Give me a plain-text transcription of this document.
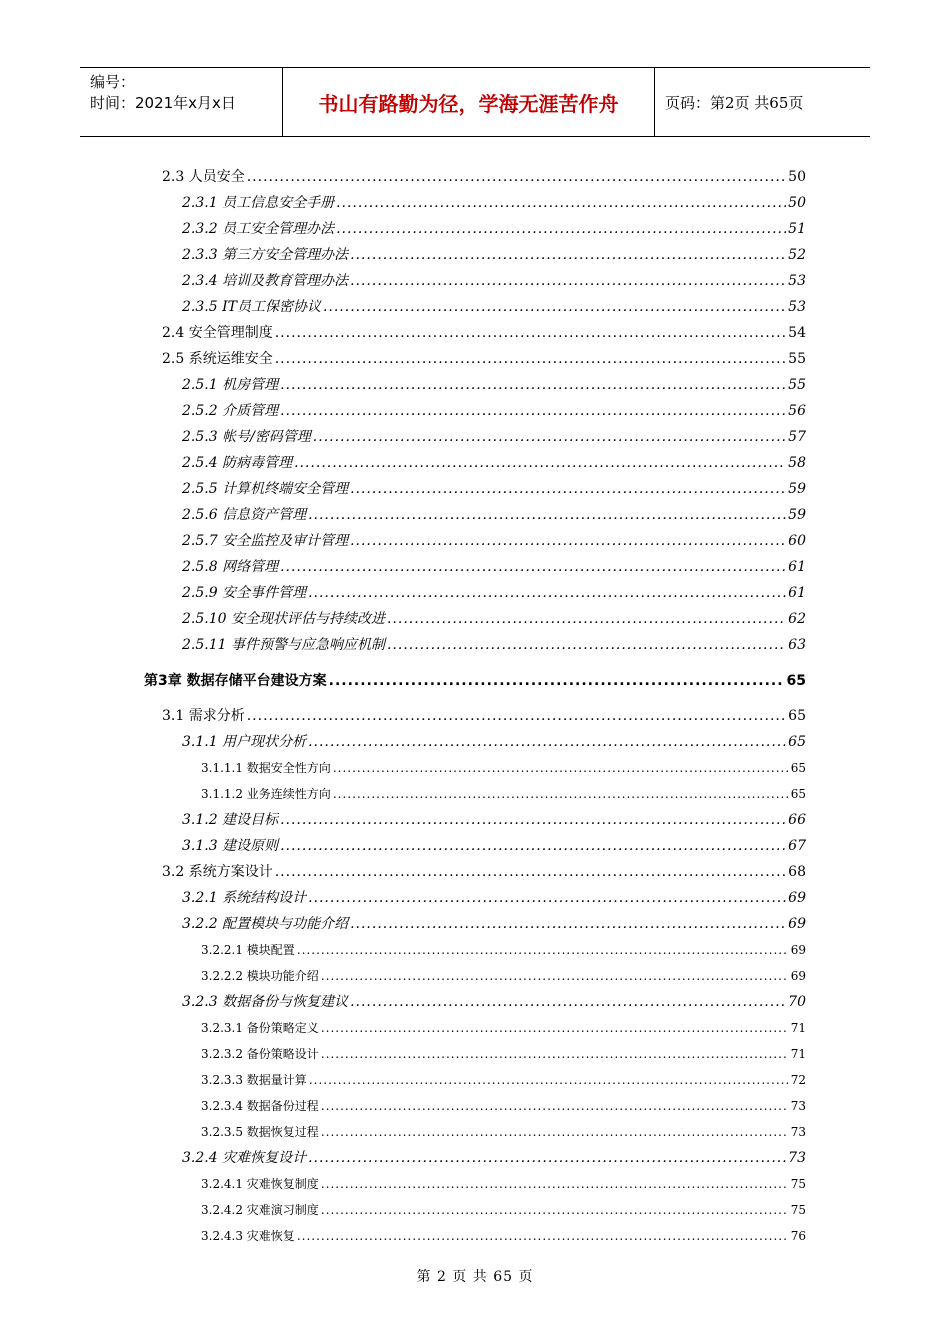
编号：
时间：2021年x月x日	书山有路勤为径，学海无涯苦作舟	页码：第2页 共65页
2.3 人员安全 .....	50
2.3.1 员工信息安全手册 .....	50
2.3.2 员工安全管理办法 .....	51
2.3.3 第三方安全管理办法 .....	52
2.3.4 培训及教育管理办法 .....	53
2.3.5 IT员工保密协议 .....	53
2.4 安全管理制度 .....	54
2.5 系统运维安全 .....	55
2.5.1 机房管理 .....	55
2.5.2 介质管理 .....	56
2.5.3 帐号/密码管理 .....	57
2.5.4 防病毒管理 .....	58
2.5.5 计算机终端安全管理 .....	59
2.5.6 信息资产管理 .....	59
2.5.7 安全监控及审计管理 .....	60
2.5.8 网络管理 .....	61
2.5.9 安全事件管理 .....	61
2.5.10 安全现状评估与持续改进 .....	62
2.5.11 事件预警与应急响应机制 .....	63
第3章 数据存储平台建设方案 .....	65
3.1 需求分析 .....	65
3.1.1 用户现状分析 .....	65
3.1.1.1 数据安全性方向 .....	65
3.1.1.2 业务连续性方向 .....	65
3.1.2 建设目标 .....	66
3.1.3 建设原则 .....	67
3.2 系统方案设计 .....	68
3.2.1 系统结构设计 .....	69
3.2.2 配置模块与功能介绍 .....	69
3.2.2.1 模块配置 .....	69
3.2.2.2 模块功能介绍 .....	69
3.2.3 数据备份与恢复建议 .....	70
3.2.3.1 备份策略定义 .....	71
3.2.3.2 备份策略设计 .....	71
3.2.3.3 数据量计算 .....	72
3.2.3.4 数据备份过程 .....	73
3.2.3.5 数据恢复过程 .....	73
3.2.4 灾难恢复设计 .....	73
3.2.4.1 灾难恢复制度 .....	75
3.2.4.2 灾难演习制度 .....	75
3.2.4.3 灾难恢复 .....	76
第 2 页 共 65 页
